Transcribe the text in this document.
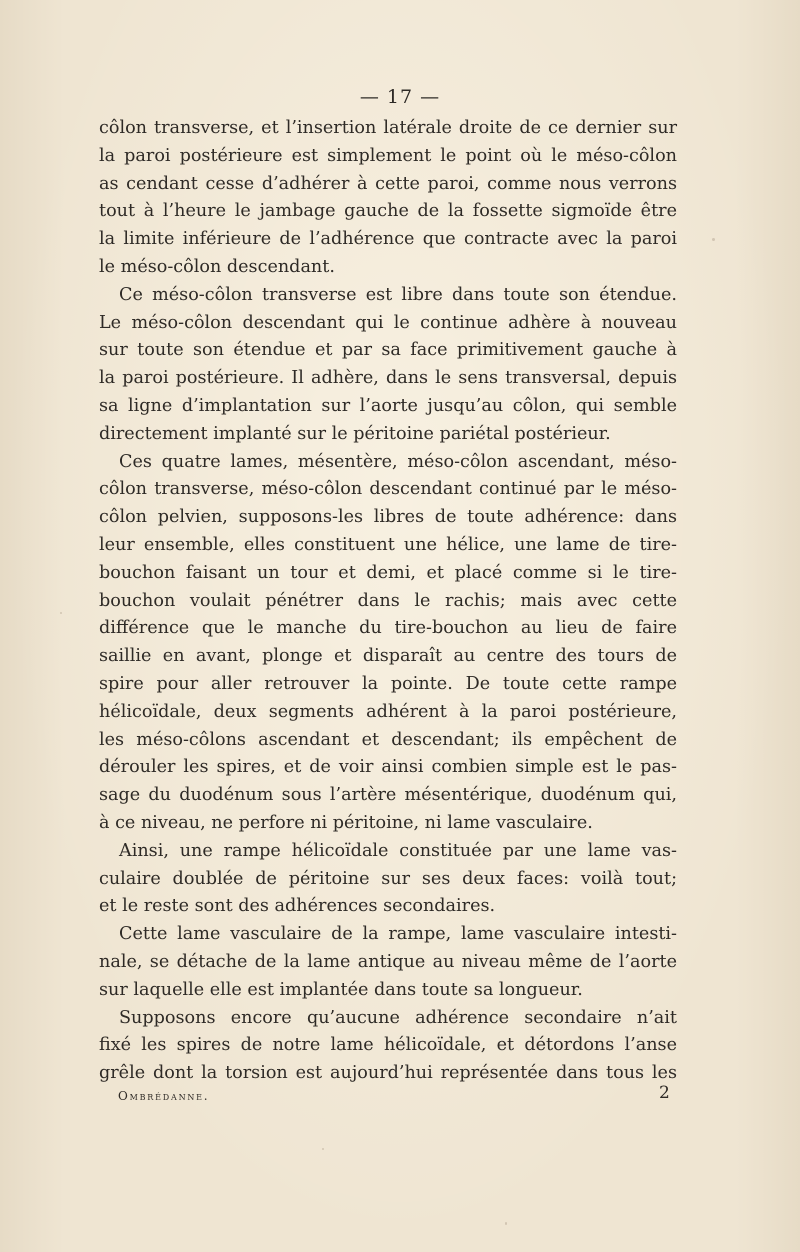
— 17 —
côlon transverse, et l’insertion latérale droite de ce dernier sur
la paroi postérieure est simplement le point où le méso-côlon
as cendant cesse d’adhérer à cette paroi, comme nous verrons
tout à l’heure le jambage gauche de la fossette sigmoïde être
la limite inférieure de l’adhérence que contracte avec la paroi
le méso-côlon descendant.
Ce méso-côlon transverse est libre dans toute son étendue.
Le méso-côlon descendant qui le continue adhère à nouveau
sur toute son étendue et par sa face primitivement gauche à
la paroi postérieure. Il adhère, dans le sens transversal, depuis
sa ligne d’implantation sur l’aorte jusqu’au côlon, qui semble
directement implanté sur le péritoine pariétal postérieur.
Ces quatre lames, mésentère, méso-côlon ascendant, méso-
côlon transverse, méso-côlon descendant continué par le méso-
côlon pelvien, supposons-les libres de toute adhérence: dans
leur ensemble, elles constituent une hélice, une lame de tire-
bouchon faisant un tour et demi, et placé comme si le tire-
bouchon voulait pénétrer dans le rachis; mais avec cette
différence que le manche du tire-bouchon au lieu de faire
saillie en avant, plonge et disparaît au centre des tours de
spire pour aller retrouver la pointe. De toute cette rampe
hélicoïdale, deux segments adhérent à la paroi postérieure,
les méso-côlons ascendant et descendant; ils empêchent de
dérouler les spires, et de voir ainsi combien simple est le pas-
sage du duodénum sous l’artère mésentérique, duodénum qui,
à ce niveau, ne perfore ni péritoine, ni lame vasculaire.
Ainsi, une rampe hélicoïdale constituée par une lame vas-
culaire doublée de péritoine sur ses deux faces: voilà tout;
et le reste sont des adhérences secondaires.
Cette lame vasculaire de la rampe, lame vasculaire intesti-
nale, se détache de la lame antique au niveau même de l’aorte
sur laquelle elle est implantée dans toute sa longueur.
Supposons encore qu’aucune adhérence secondaire n’ait
fixé les spires de notre lame hélicoïdale, et détordons l’anse
grêle dont la torsion est aujourd’hui représentée dans tous les
Ombrédanne.	2
